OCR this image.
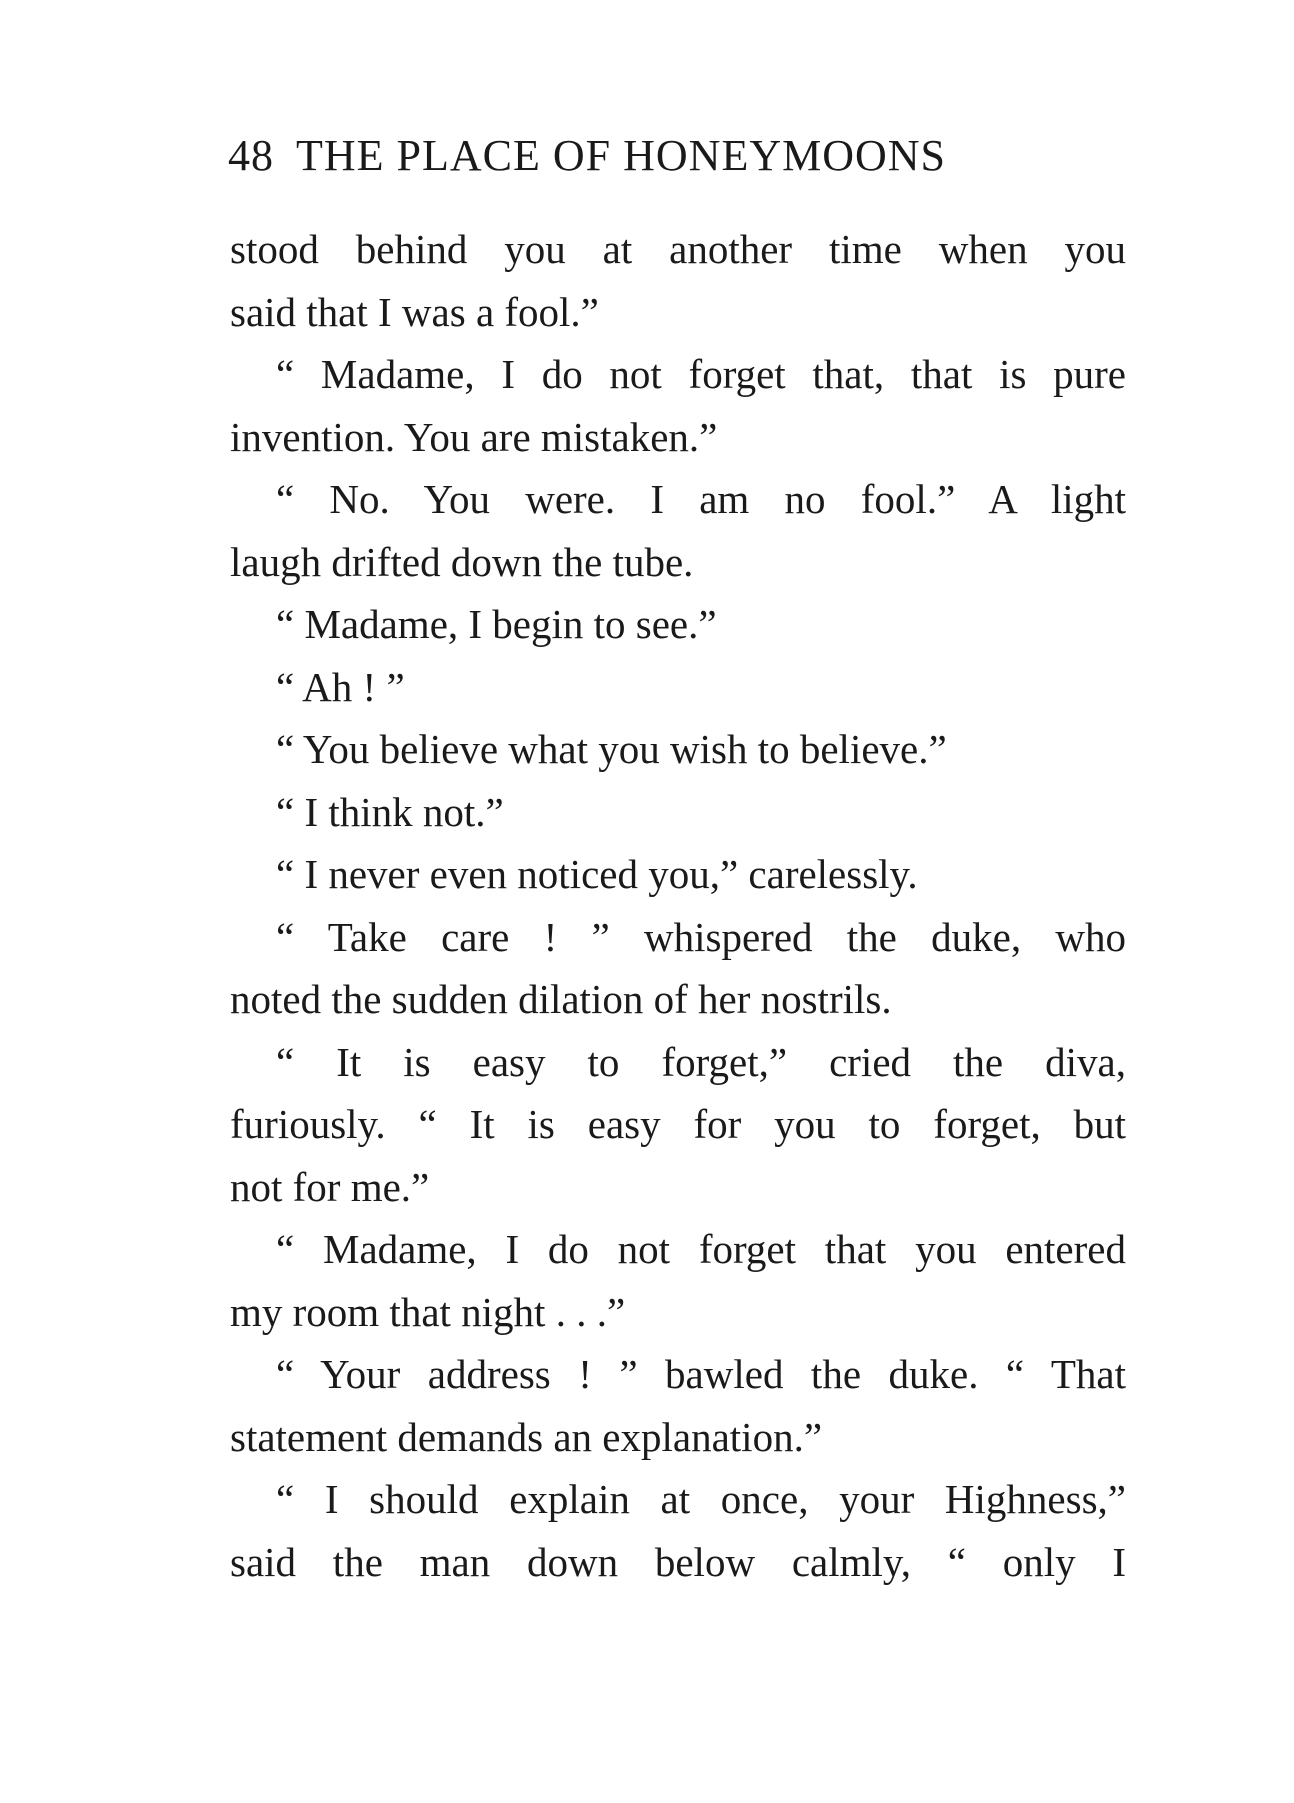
48 THE PLACE OF HONEYMOONS
stood behind you at another time when you
said that I was a fool.”
“ Madame, I do not forget that, that is pure
invention. You are mistaken.”
“ No. You were. I am no fool.” A light
laugh drifted down the tube.
“ Madame, I begin to see.”
“ Ah ! ”
“ You believe what you wish to believe.”
“ I think not.”
“ I never even noticed you,” carelessly.
“ Take care ! ” whispered the duke, who
noted the sudden dilation of her nostrils.
“ It is easy to forget,” cried the diva,
furiously. “ It is easy for you to forget, but
not for me.”
“ Madame, I do not forget that you entered
my room that night . . .”
“ Your address ! ” bawled the duke. “ That
statement demands an explanation.”
“ I should explain at once, your Highness,”
said the man down below calmly, “ only I
